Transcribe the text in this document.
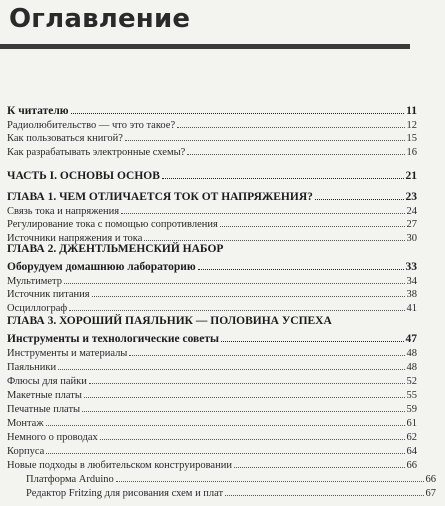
Оглавление
К читателю	11
Радиолюбительство — что это такое?	12
Как пользоваться книгой?	15
Как разрабатывать электронные схемы?	16
ЧАСТЬ I. ОСНОВЫ ОСНОВ	21
ГЛАВА 1. ЧЕМ ОТЛИЧАЕТСЯ ТОК ОТ НАПРЯЖЕНИЯ?	23
Связь тока и напряжения	24
Регулирование тока с помощью сопротивления	27
Источники напряжения и тока	30
ГЛАВА 2. ДЖЕНТЛЬМЕНСКИЙ НАБОР
Оборудуем домашнюю лабораторию	33
Мультиметр	34
Источник питания	38
Осциллограф	41
ГЛАВА 3. ХОРОШИЙ ПАЯЛЬНИК — ПОЛОВИНА УСПЕХА
Инструменты и технологические советы	47
Инструменты и материалы	48
Паяльники	48
Флюсы для пайки	52
Макетные платы	55
Печатные платы	59
Монтаж	61
Немного о проводах	62
Корпуса	64
Новые подходы в любительском конструировании	66
Платформа Arduino	66
Редактор Fritzing для рисования схем и плат	67
